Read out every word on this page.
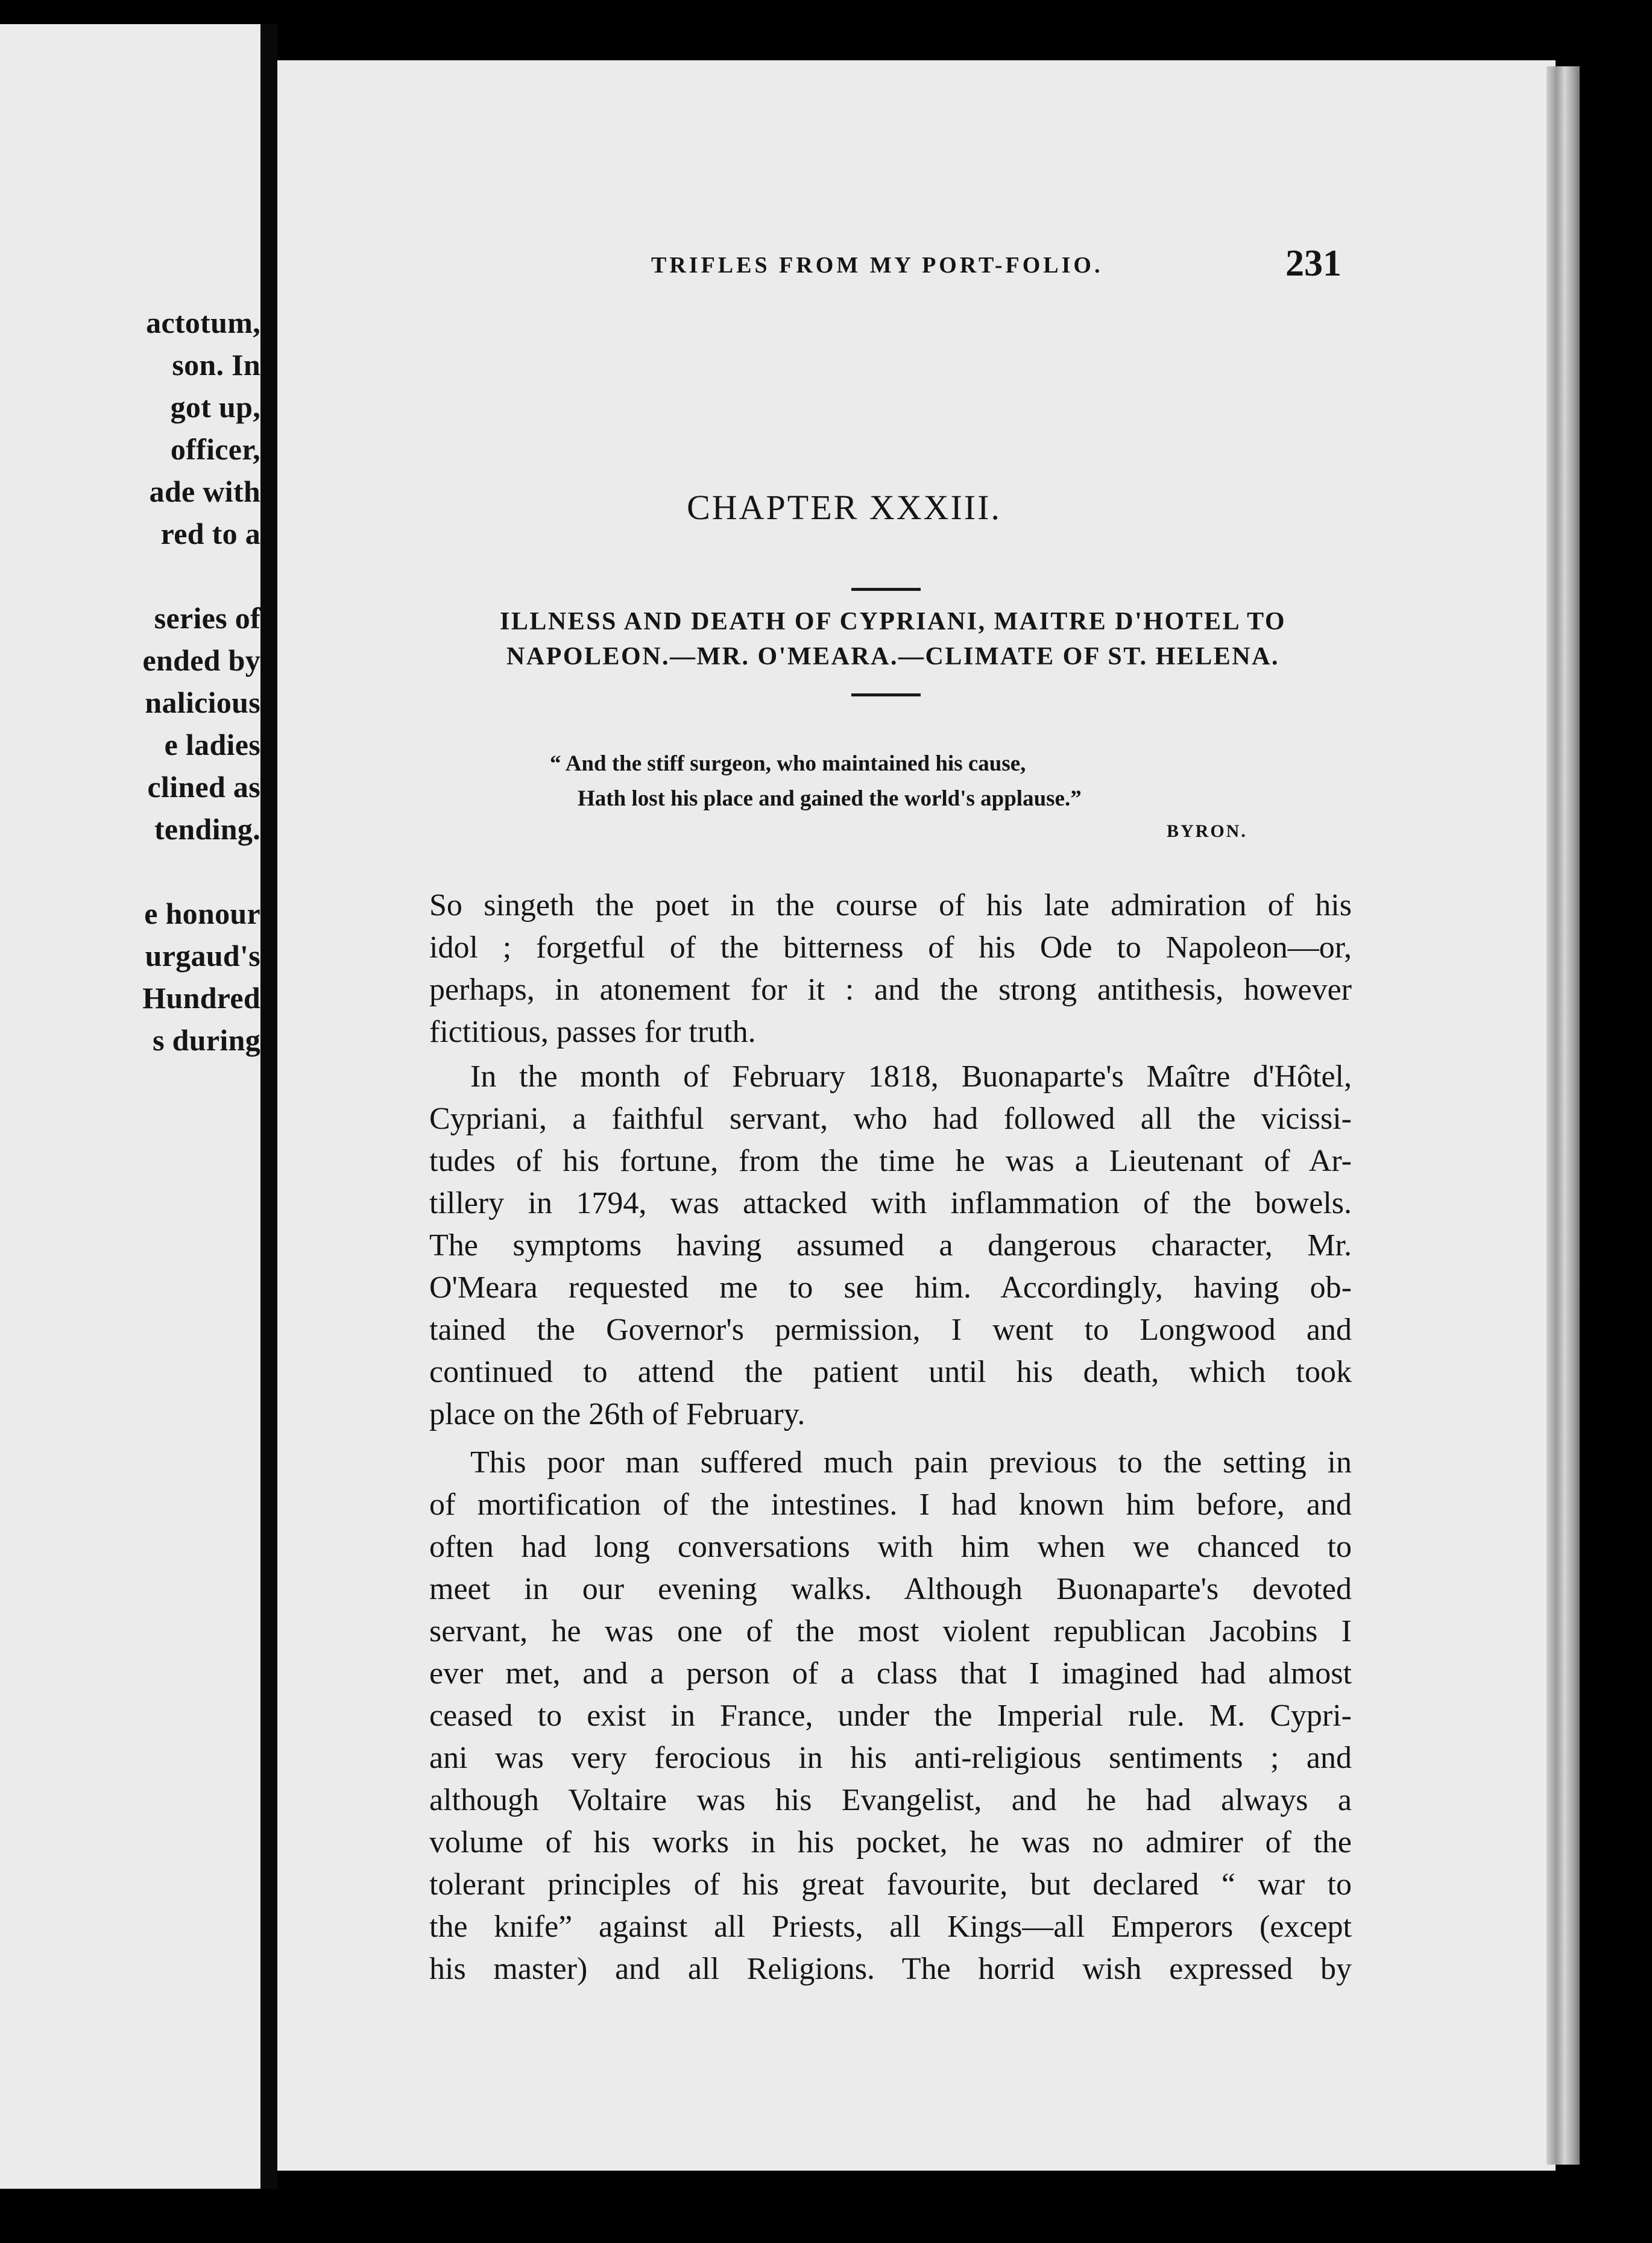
actotum,
son. In
got up,
officer,
ade with
red to a
series of
ended by
nalicious
e ladies
clined as
tending.
e honour
urgaud's
Hundred
s during
TRIFLES FROM MY PORT-FOLIO.	231
CHAPTER XXXIII.
ILLNESS AND DEATH OF CYPRIANI, MAITRE D'HOTEL TO
NAPOLEON.—MR. O'MEARA.—CLIMATE OF ST. HELENA.
“ And the stiff surgeon, who maintained his cause,
Hath lost his place and gained the world's applause.”
BYRON.
So singeth the poet in the course of his late admiration of his
idol ; forgetful of the bitterness of his Ode to Napoleon—or,
perhaps, in atonement for it : and the strong antithesis, however
fictitious, passes for truth.
In the month of February 1818, Buonaparte's Maître d'Hôtel,
Cypriani, a faithful servant, who had followed all the vicissi-
tudes of his fortune, from the time he was a Lieutenant of Ar-
tillery in 1794, was attacked with inflammation of the bowels.
The symptoms having assumed a dangerous character, Mr.
O'Meara requested me to see him. Accordingly, having ob-
tained the Governor's permission, I went to Longwood and
continued to attend the patient until his death, which took
place on the 26th of February.
This poor man suffered much pain previous to the setting in
of mortification of the intestines. I had known him before, and
often had long conversations with him when we chanced to
meet in our evening walks. Although Buonaparte's devoted
servant, he was one of the most violent republican Jacobins I
ever met, and a person of a class that I imagined had almost
ceased to exist in France, under the Imperial rule. M. Cypri-
ani was very ferocious in his anti-religious sentiments ; and
although Voltaire was his Evangelist, and he had always a
volume of his works in his pocket, he was no admirer of the
tolerant principles of his great favourite, but declared “ war to
the knife” against all Priests, all Kings—all Emperors (except
his master) and all Religions. The horrid wish expressed by
